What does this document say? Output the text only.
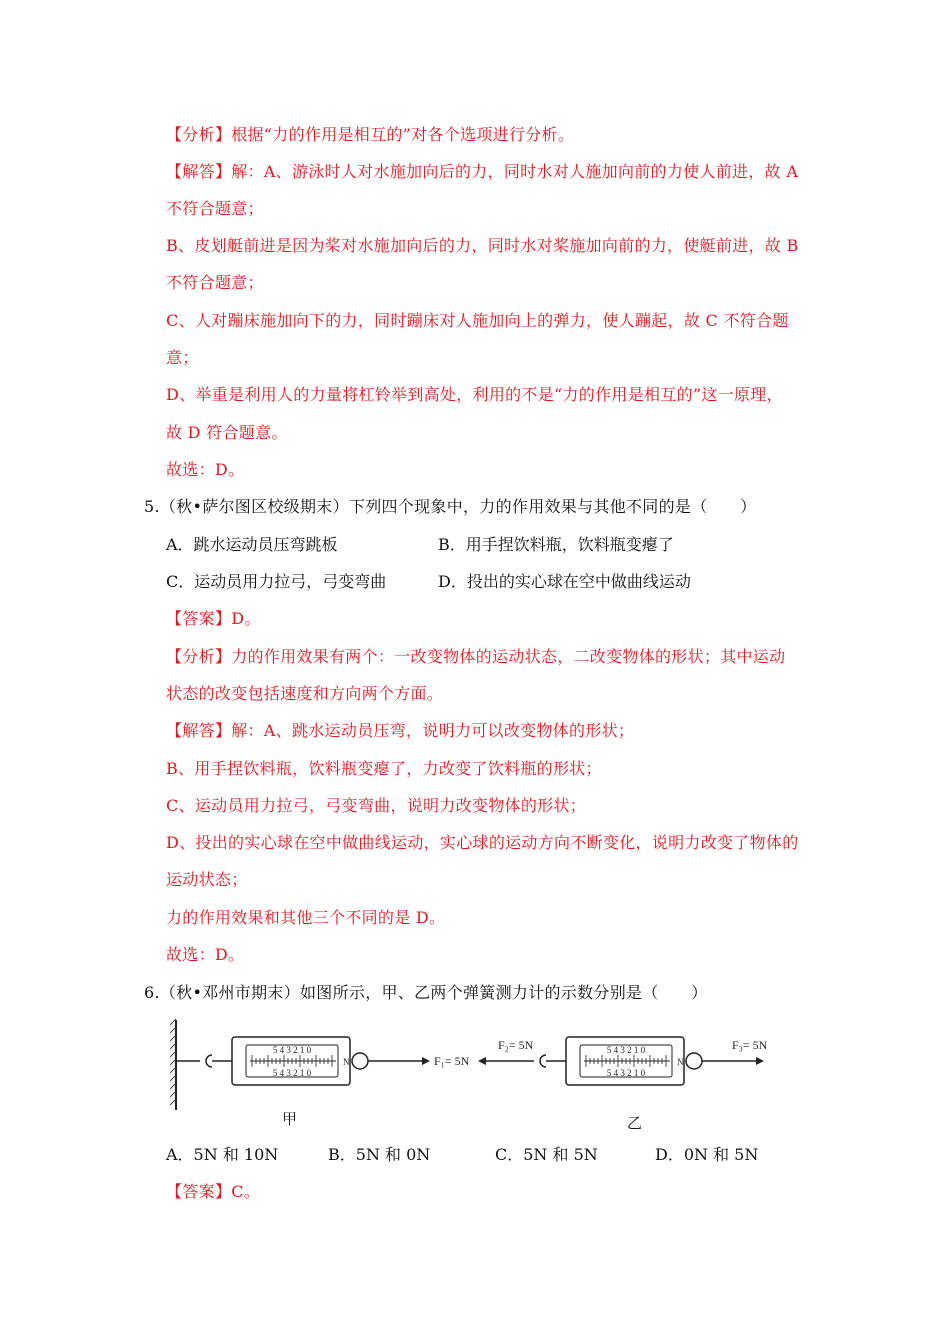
【分析】根据“力的作用是相互的”对各个选项进行分析。
【解答】解：A、游泳时人对水施加向后的力，同时水对人施加向前的力使人前进，故 A
不符合题意；
B、皮划艇前进是因为桨对水施加向后的力，同时水对桨施加向前的力，使艇前进，故 B
不符合题意；
C、人对蹦床施加向下的力，同时蹦床对人施加向上的弹力，使人蹦起，故 C 不符合题
意；
D、举重是利用人的力量将杠铃举到高处，利用的不是“力的作用是相互的”这一原理，
故 D 符合题意。
故选：D。
5.（秋•萨尔图区校级期末）下列四个现象中，力的作用效果与其他不同的是（　　）
A．跳水运动员压弯跳板	B．用手捏饮料瓶，饮料瓶变瘪了
C．运动员用力拉弓，弓变弯曲	D．投出的实心球在空中做曲线运动
【答案】D。
【分析】力的作用效果有两个：一改变物体的运动状态，二改变物体的形状；其中运动
状态的改变包括速度和方向两个方面。
【解答】解：A、跳水运动员压弯，说明力可以改变物体的形状；
B、用手捏饮料瓶，饮料瓶变瘪了，力改变了饮料瓶的形状；
C、运动员用力拉弓，弓变弯曲，说明力改变物体的形状；
D、投出的实心球在空中做曲线运动，实心球的运动方向不断变化，说明力改变了物体的
运动状态；
力的作用效果和其他三个不同的是 D。
故选：D。
6.（秋•邓州市期末）如图所示，甲、乙两个弹簧测力计的示数分别是（　　）
5 4 3 2 1 0
5 4 3 2 1 0
N	F₁= 5N
F₂= 5N	5 4 3 2 1 0
5 4 3 2 1 0
N
F₃= 5N
甲	乙
A．5N 和 10N	B．5N 和 0N	C．5N 和 5N	D．0N 和 5N
【答案】C。
